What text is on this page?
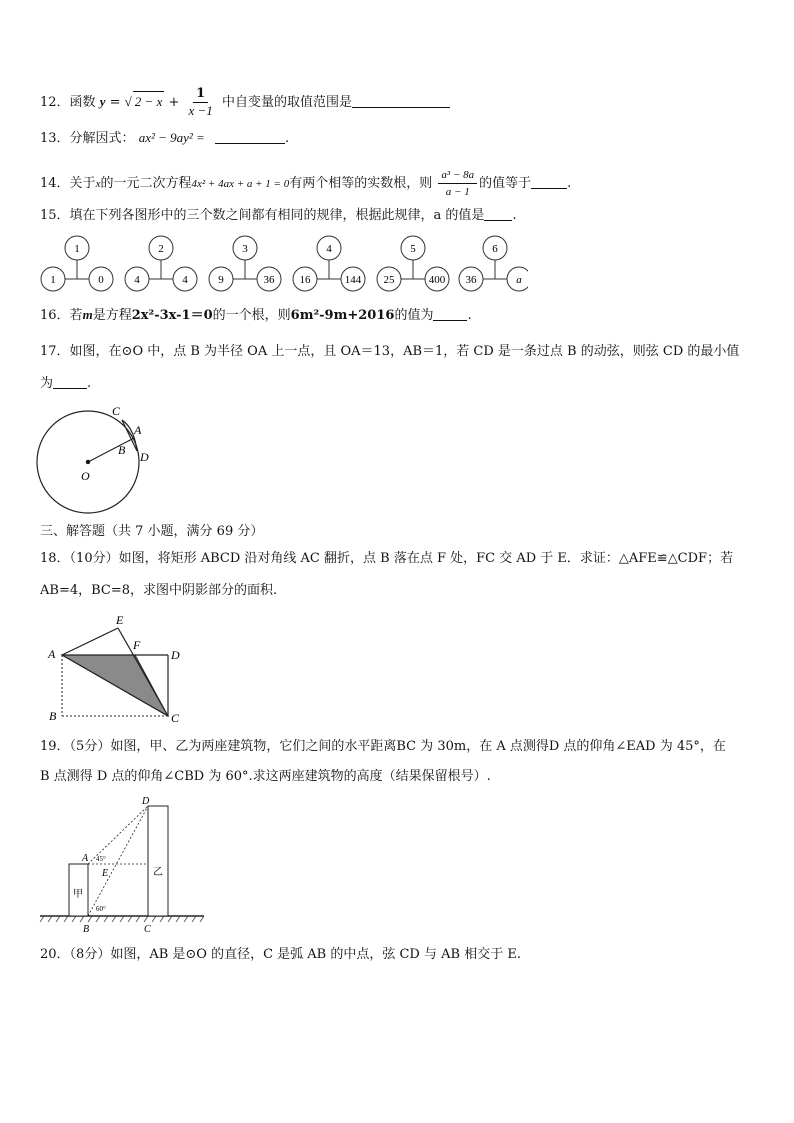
12．函数 y = √ $2 - x + \frac{1}{x -1}$ 中自变量的取值范围是
13．分解因式： ax² − 9ay² =	.
14．关于x的一元二次方程4x² + 4ax + a + 1 = 0有两个相等的实数根，则 $\frac{\text{a³ − 8a}}{a - 1}$ 的值等于	.
15．填在下列各图形中的三个数之间都有相同的规律，根据此规律，a 的值是 .
1
1	0
2
4	4
3
9	36
4
16	144
5
25	400
6
36	a
16．若m是方程2x²-3x-1＝0的一个根，则6m²-9m+2016的值为	.
17．如图，在⊙O 中，点 B 为半径 OA 上一点，且 OA＝13，AB＝1，若 CD 是一条过点 B 的动弦，则弦 CD 的最小值
为	.
C
A
B D
O
三、解答题（共 7 小题，满分 69 分）
18．（10分）如图，将矩形 ABCD 沿对角线 AC 翻折，点 B 落在点 F 处，FC 交 AD 于 E．求证：△AFE≌△CDF；若
AB=4，BC=8，求图中阴影部分的面积.
A
E
F
D
B	C
19．（5分）如图，甲、乙为两座建筑物，它们之间的水平距离BC 为 30m，在 A 点测得D 点的仰角∠EAD 为 45°，在
B 点测得 D 点的仰角∠CBD 为 60°.求这两座建筑物的高度（结果保留根号）.
D
A
E
B	C
甲
乙
45°
60°
20．（8分）如图，AB 是⊙O 的直径，C 是弧 AB 的中点，弦 CD 与 AB 相交于 E.
